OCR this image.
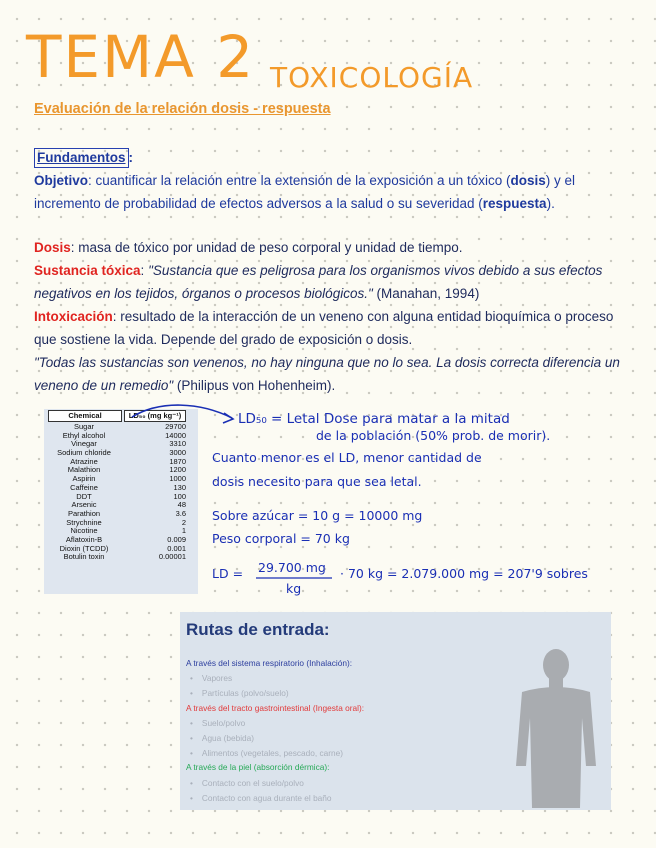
TEMA 2 TOXICOLOGÍA
Evaluación de la relación dosis - respuesta
Fundamentos :
Objetivo: cuantificar la relación entre la extensión de la exposición a un tóxico (dosis) y el incremento de probabilidad de efectos adversos a la salud o su severidad (respuesta).
Dosis: masa de tóxico por unidad de peso corporal y unidad de tiempo.
Sustancia tóxica: "Sustancia que es peligrosa para los organismos vivos debido a sus efectos negativos en los tejidos, órganos o procesos biológicos." (Manahan, 1994)
Intoxicación: resultado de la interacción de un veneno con alguna entidad bioquímica o proceso que sostiene la vida. Depende del grado de exposición o dosis.
"Todas las sustancias son venenos, no hay ninguna que no lo sea. La dosis correcta diferencia un veneno de un remedio" (Philipus von Hohenheim).
Chemical	LD₅₀ (mg kg⁻¹)
Sugar	29700
Ethyl alcohol	14000
Vinegar	3310
Sodium chloride	3000
Atrazine	1870
Malathion	1200
Aspirin	1000
Caffeine	130
DDT	100
Arsenic	48
Parathion	3.6
Strychnine	2
Nicotine	1
Aflatoxin-B	0.009
Dioxin (TCDD)	0.001
Botulin toxin	0.00001
LD₅₀ = Letal Dose para matar a la mitad
de la población (50% prob. de morir).
Cuanto menor es el LD, menor cantidad de
dosis necesito para que sea letal.
Sobre azúcar = 10 g = 10000 mg
Peso corporal = 70 kg
LD = 29.700 mg
kg
· 70 kg = 2.079.000 mg = 207'9 sobres
Rutas de entrada:
A través del sistema respiratorio (Inhalación):
• Vapores
• Partículas (polvo/suelo)
A través del tracto gastrointestinal (Ingesta oral):
• Suelo/polvo
• Agua (bebida)
• Alimentos (vegetales, pescado, carne)
A través de la piel (absorción dérmica):
• Contacto con el suelo/polvo
• Contacto con agua durante el baño
